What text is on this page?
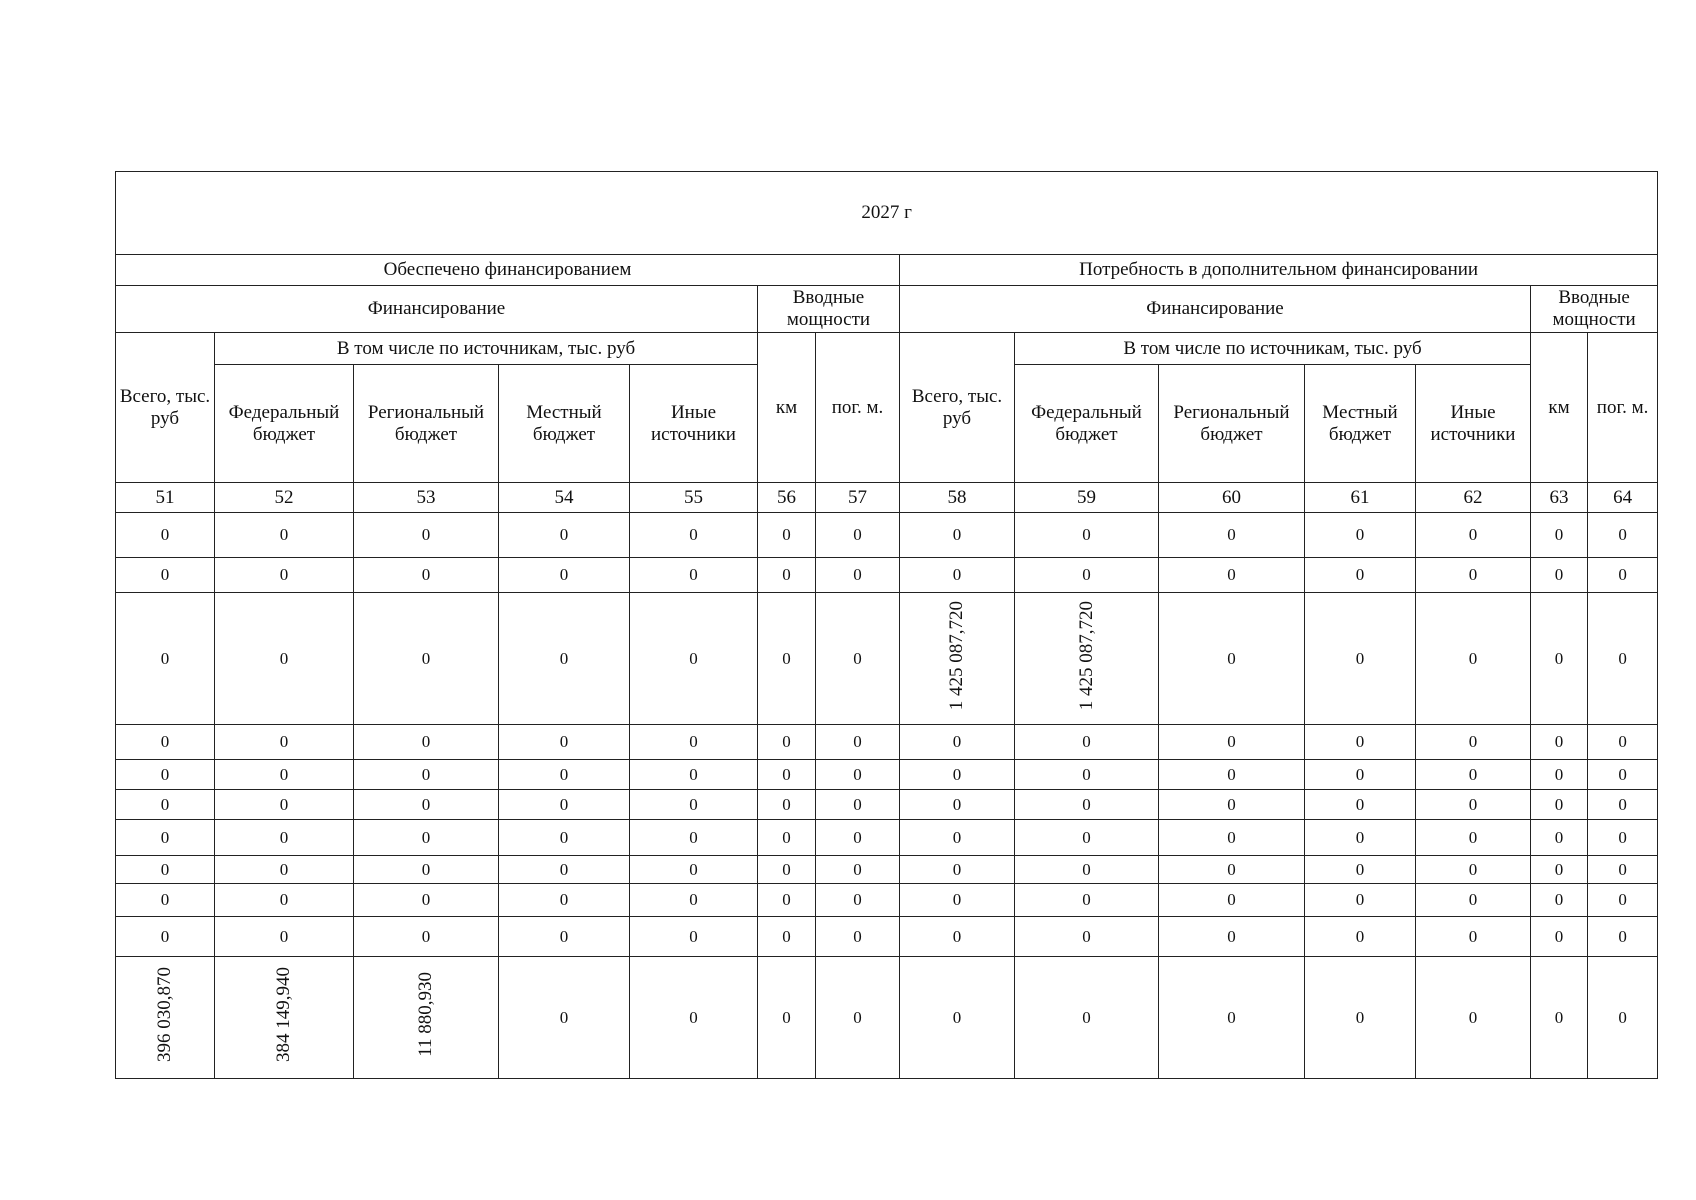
2027 г													
Обеспечено финансированием							Потребность в дополнительном финансировании						
Финансирование					Вводные мощности		Финансирование					Вводные мощности	
Всего, тыс. руб	В том числе по источникам, тыс. руб				км	пог. м.	Всего, тыс. руб	В том числе по источникам, тыс. руб				км	пог. м.
	Федеральный бюджет	Региональный бюджет	Местный бюджет	Иные источники				Федеральный бюджет	Региональный бюджет	Местный бюджет	Иные источники		
51	52	53	54	55	56	57	58	59	60	61	62	63	64
0	0	0	0	0	0	0	0	0	0	0	0	0	0
0	0	0	0	0	0	0	0	0	0	0	0	0	0
0	0	0	0	0	0	0	1 425 087,720	1 425 087,720	0	0	0	0	0
0	0	0	0	0	0	0	0	0	0	0	0	0	0
0	0	0	0	0	0	0	0	0	0	0	0	0	0
0	0	0	0	0	0	0	0	0	0	0	0	0	0
0	0	0	0	0	0	0	0	0	0	0	0	0	0
0	0	0	0	0	0	0	0	0	0	0	0	0	0
0	0	0	0	0	0	0	0	0	0	0	0	0	0
0	0	0	0	0	0	0	0	0	0	0	0	0	0
396 030,870	384 149,940	11 880,930	0	0	0	0	0	0	0	0	0	0	0
